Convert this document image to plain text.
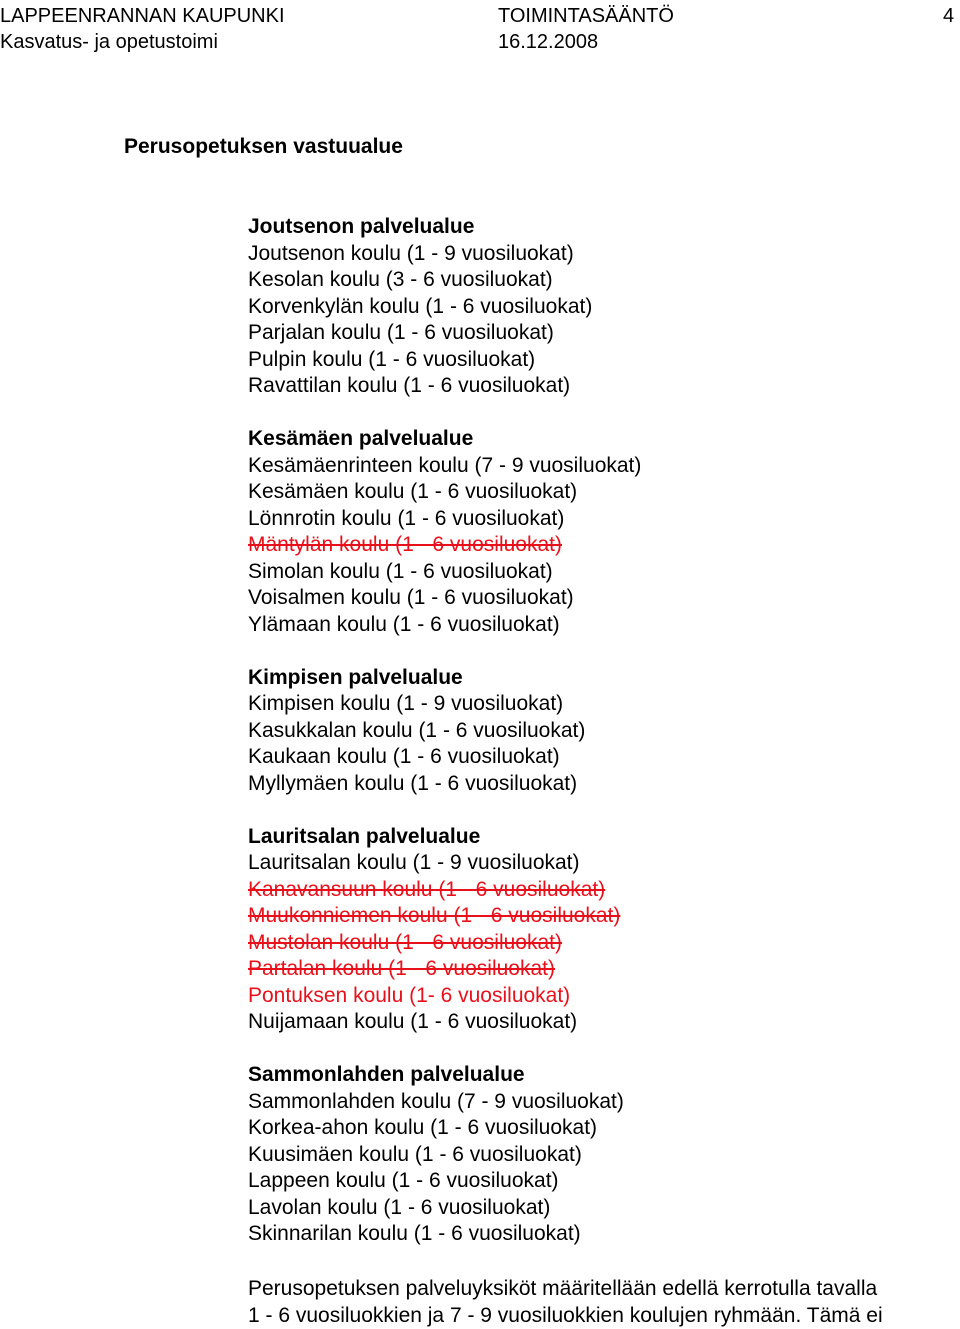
LAPPEENRANNAN KAUPUNKI
Kasvatus- ja opetustoimi
TOIMINTASÄÄNTÖ
16.12.2008
4
Perusopetuksen vastuualue
Joutsenon palvelualue
Joutsenon koulu (1 - 9 vuosiluokat)
Kesolan koulu (3 - 6 vuosiluokat)
Korvenkylän koulu (1 - 6 vuosiluokat)
Parjalan koulu (1 - 6 vuosiluokat)
Pulpin koulu (1 - 6 vuosiluokat)
Ravattilan koulu (1 - 6 vuosiluokat)
Kesämäen palvelualue
Kesämäenrinteen koulu (7 - 9 vuosiluokat)
Kesämäen koulu (1 - 6 vuosiluokat)
Lönnrotin koulu (1 - 6 vuosiluokat)
Mäntylän koulu (1 - 6 vuosiluokat)
Simolan koulu (1 - 6 vuosiluokat)
Voisalmen koulu (1 - 6 vuosiluokat)
Ylämaan koulu (1 - 6 vuosiluokat)
Kimpisen palvelualue
Kimpisen koulu (1 - 9 vuosiluokat)
Kasukkalan koulu (1 - 6 vuosiluokat)
Kaukaan koulu (1 - 6 vuosiluokat)
Myllymäen koulu (1 - 6 vuosiluokat)
Lauritsalan palvelualue
Lauritsalan koulu (1 - 9 vuosiluokat)
Kanavansuun koulu (1 - 6 vuosiluokat)
Muukonniemen koulu (1 - 6 vuosiluokat)
Mustolan koulu (1 - 6 vuosiluokat)
Partalan koulu (1 - 6 vuosiluokat)
Pontuksen koulu (1- 6 vuosiluokat)
Nuijamaan koulu (1 - 6 vuosiluokat)
Sammonlahden palvelualue
Sammonlahden koulu (7 - 9 vuosiluokat)
Korkea-ahon koulu (1 - 6 vuosiluokat)
Kuusimäen koulu (1 - 6 vuosiluokat)
Lappeen koulu (1 - 6 vuosiluokat)
Lavolan koulu (1 - 6 vuosiluokat)
Skinnarilan koulu (1 - 6 vuosiluokat)
Perusopetuksen palveluyksiköt määritellään edellä kerrotulla tavalla
1 - 6 vuosiluokkien ja 7 - 9 vuosiluokkien koulujen ryhmään. Tämä ei
